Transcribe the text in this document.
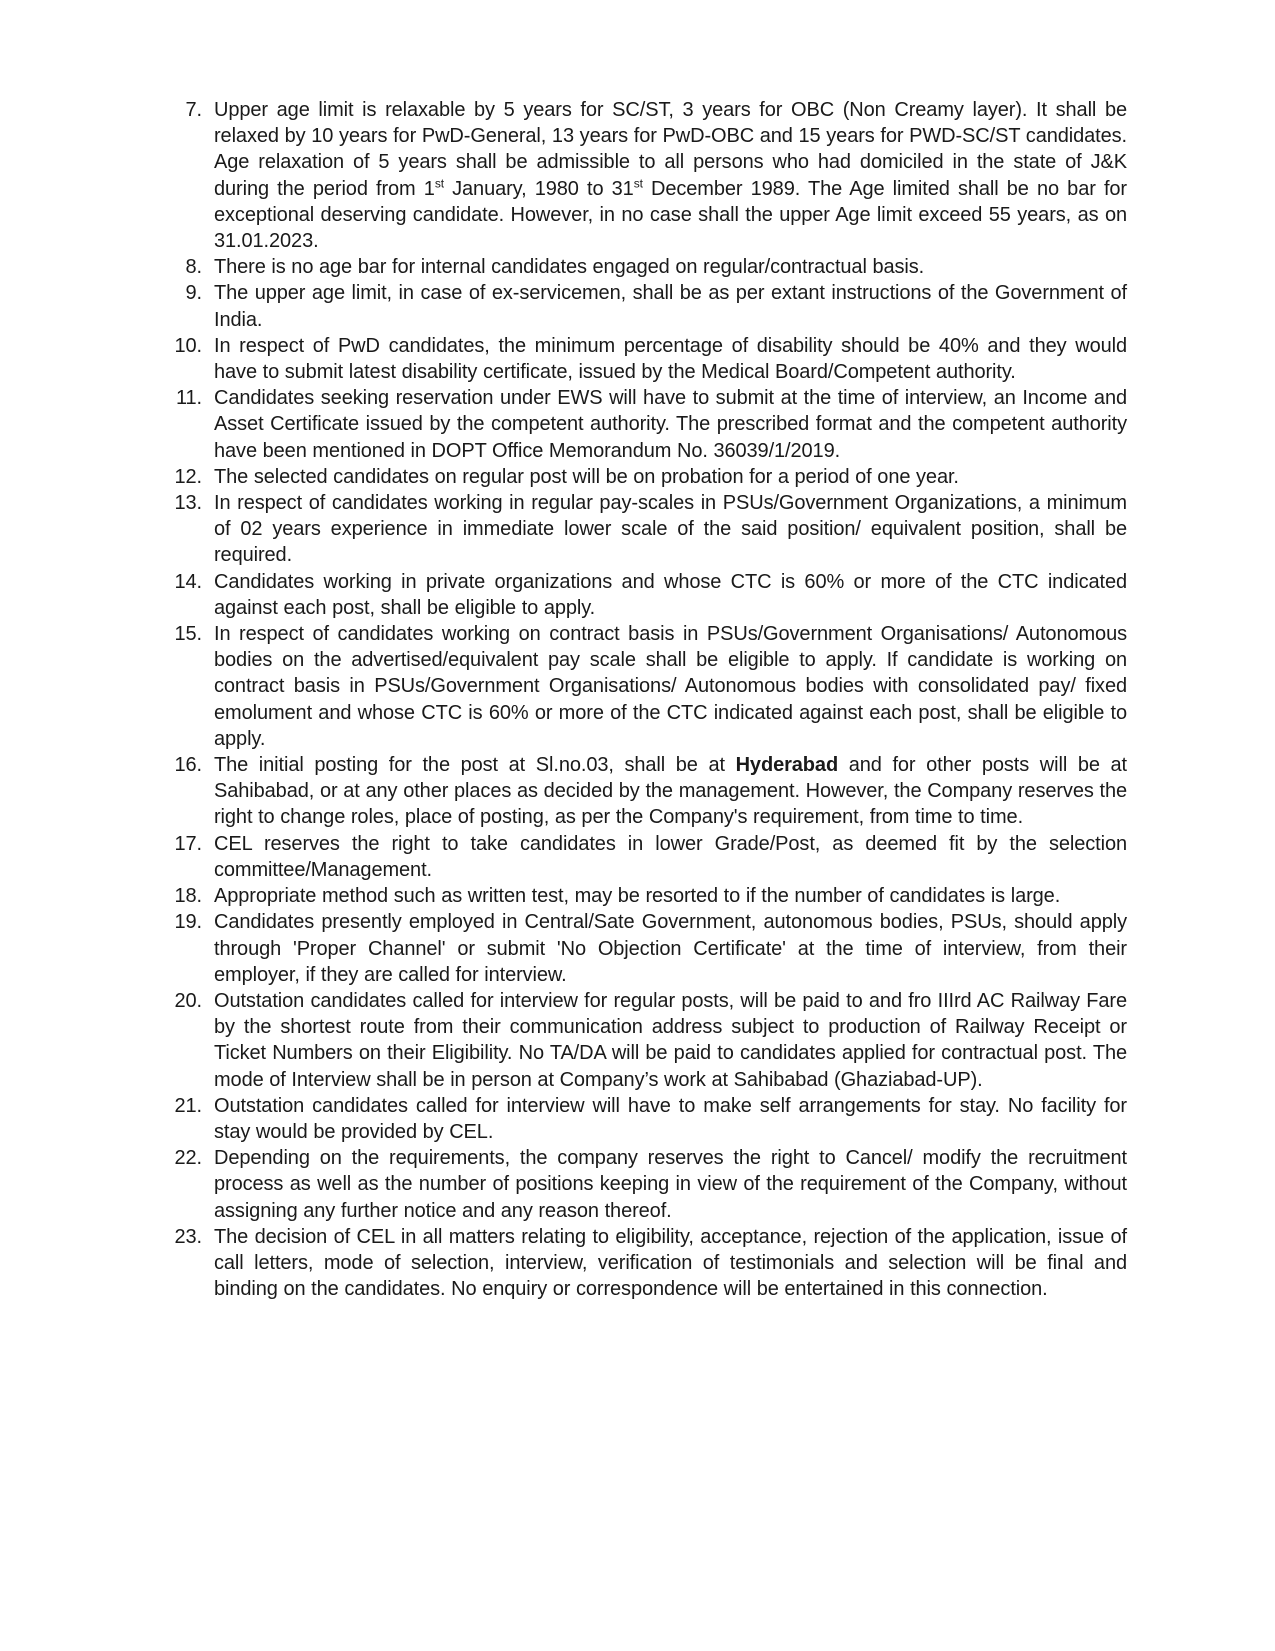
7. Upper age limit is relaxable by 5 years for SC/ST, 3 years for OBC (Non Creamy layer). It shall be relaxed by 10 years for PwD-General, 13 years for PwD-OBC and 15 years for PWD-SC/ST candidates. Age relaxation of 5 years shall be admissible to all persons who had domiciled in the state of J&K during the period from 1st January, 1980 to 31st December 1989. The Age limited shall be no bar for exceptional deserving candidate. However, in no case shall the upper Age limit exceed 55 years, as on 31.01.2023.
8. There is no age bar for internal candidates engaged on regular/contractual basis.
9. The upper age limit, in case of ex-servicemen, shall be as per extant instructions of the Government of India.
10. In respect of PwD candidates, the minimum percentage of disability should be 40% and they would have to submit latest disability certificate, issued by the Medical Board/Competent authority.
11. Candidates seeking reservation under EWS will have to submit at the time of interview, an Income and Asset Certificate issued by the competent authority. The prescribed format and the competent authority have been mentioned in DOPT Office Memorandum No. 36039/1/2019.
12. The selected candidates on regular post will be on probation for a period of one year.
13. In respect of candidates working in regular pay-scales in PSUs/Government Organizations, a minimum of 02 years experience in immediate lower scale of the said position/ equivalent position, shall be required.
14. Candidates working in private organizations and whose CTC is 60% or more of the CTC indicated against each post, shall be eligible to apply.
15. In respect of candidates working on contract basis in PSUs/Government Organisations/ Autonomous bodies on the advertised/equivalent pay scale shall be eligible to apply. If candidate is working on contract basis in PSUs/Government Organisations/ Autonomous bodies with consolidated pay/ fixed emolument and whose CTC is 60% or more of the CTC indicated against each post, shall be eligible to apply.
16. The initial posting for the post at Sl.no.03, shall be at Hyderabad and for other posts will be at Sahibabad, or at any other places as decided by the management. However, the Company reserves the right to change roles, place of posting, as per the Company's requirement, from time to time.
17. CEL reserves the right to take candidates in lower Grade/Post, as deemed fit by the selection committee/Management.
18. Appropriate method such as written test, may be resorted to if the number of candidates is large.
19. Candidates presently employed in Central/Sate Government, autonomous bodies, PSUs, should apply through 'Proper Channel' or submit 'No Objection Certificate' at the time of interview, from their employer, if they are called for interview.
20. Outstation candidates called for interview for regular posts, will be paid to and fro IIIrd AC Railway Fare by the shortest route from their communication address subject to production of Railway Receipt or Ticket Numbers on their Eligibility. No TA/DA will be paid to candidates applied for contractual post. The mode of Interview shall be in person at Company’s work at Sahibabad (Ghaziabad-UP).
21. Outstation candidates called for interview will have to make self arrangements for stay. No facility for stay would be provided by CEL.
22. Depending on the requirements, the company reserves the right to Cancel/ modify the recruitment process as well as the number of positions keeping in view of the requirement of the Company, without assigning any further notice and any reason thereof.
23. The decision of CEL in all matters relating to eligibility, acceptance, rejection of the application, issue of call letters, mode of selection, interview, verification of testimonials and selection will be final and binding on the candidates. No enquiry or correspondence will be entertained in this connection.
